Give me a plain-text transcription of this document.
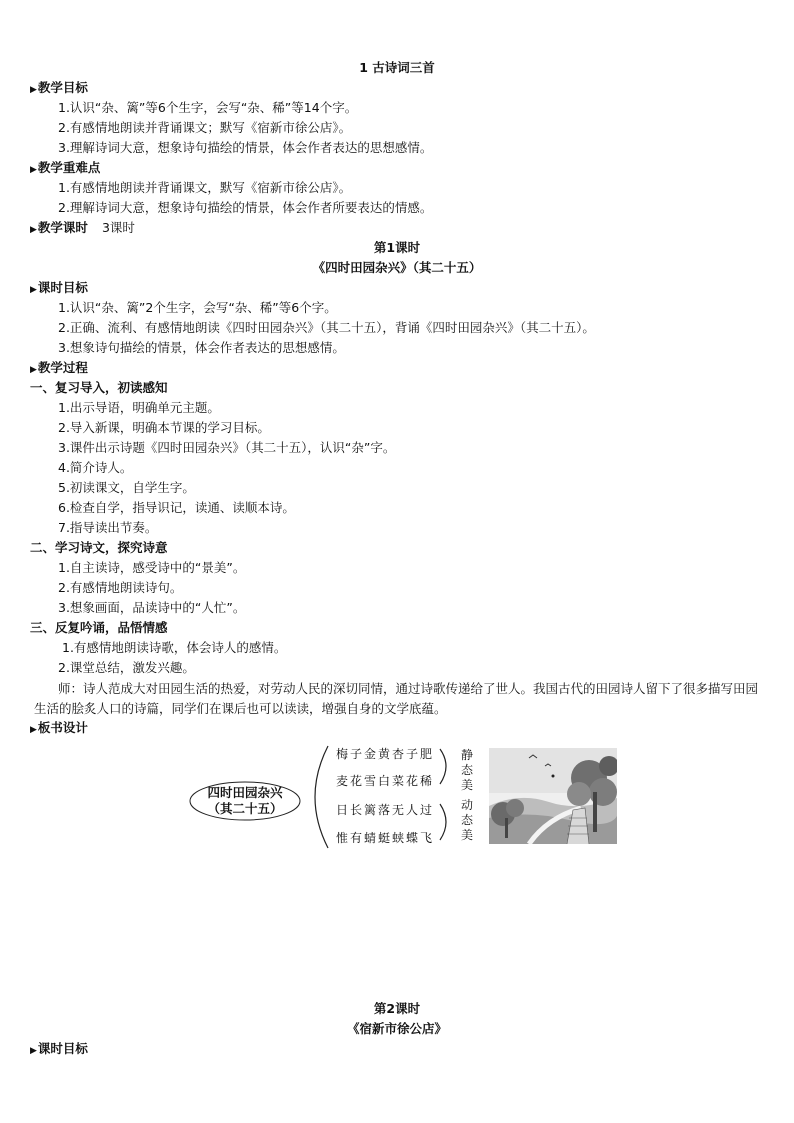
1 古诗词三首
▶教学目标
1.认识“杂、篱”等6个生字，会写“杂、稀”等14个字。
2.有感情地朗读并背诵课文；默写《宿新市徐公店》。
3.理解诗词大意，想象诗句描绘的情景，体会作者表达的思想感情。
▶教学重难点
1.有感情地朗读并背诵课文，默写《宿新市徐公店》。
2.理解诗词大意，想象诗句描绘的情景，体会作者所要表达的情感。
▶教学课时 3课时
第1课时
《四时田园杂兴》（其二十五）
▶课时目标
1.认识“杂、篱”2个生字，会写“杂、稀”等6个字。
2.正确、流利、有感情地朗读《四时田园杂兴》（其二十五），背诵《四时田园杂兴》（其二十五）。
3.想象诗句描绘的情景，体会作者表达的思想感情。
▶教学过程
一、复习导入，初读感知
1.出示导语，明确单元主题。
2.导入新课，明确本节课的学习目标。
3.课件出示诗题《四时田园杂兴》（其二十五），认识“杂”字。
4.简介诗人。
5.初读课文，自学生字。
6.检查自学，指导识记，读通、读顺本诗。
7.指导读出节奏。
二、学习诗文，探究诗意
1.自主读诗，感受诗中的“景美”。
2.有感情地朗读诗句。
3.想象画面，品读诗中的“人忙”。
三、反复吟诵，品悟情感
1.有感情地朗读诗歌，体会诗人的感情。
2.课堂总结，激发兴趣。
师：诗人范成大对田园生活的热爱，对劳动人民的深切同情，通过诗歌传递给了世人。我国古代的田园诗人留下了很多描写田园生活的脍炙人口的诗篇，同学们在课后也可以读读，增强自身的文学底蕴。
▶板书设计
四时田园杂兴
（其二十五）
梅子金黄杏子肥
麦花雪白菜花稀
日长篱落无人过
惟有蜻蜓蛱蝶飞
静态美
动态美
第2课时
《宿新市徐公店》
▶课时目标
